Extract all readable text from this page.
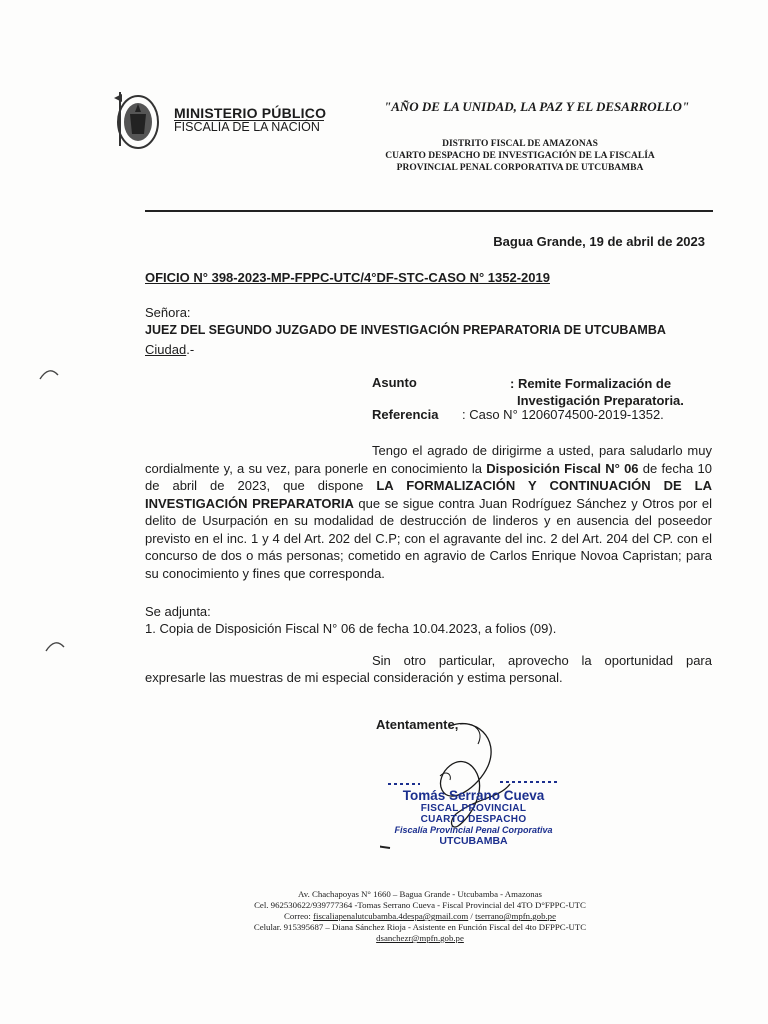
MINISTERIO PÚBLICO
FISCALÍA DE LA NACIÓN
"AÑO DE LA UNIDAD, LA PAZ Y EL DESARROLLO"
DISTRITO FISCAL DE AMAZONAS
CUARTO DESPACHO DE INVESTIGACIÓN DE LA FISCALÍA
PROVINCIAL PENAL CORPORATIVA DE UTCUBAMBA
Bagua Grande, 19 de abril de 2023
OFICIO N° 398-2023-MP-FPPC-UTC/4°DF-STC-CASO N° 1352-2019
Señora:
JUEZ DEL SEGUNDO JUZGADO DE INVESTIGACIÓN PREPARATORIA DE UTCUBAMBA
Ciudad.-
Asunto	: Remite Formalización de
Investigación Preparatoria.
Referencia : Caso N° 1206074500-2019-1352.
Tengo el agrado de dirigirme a usted, para saludarlo muy cordialmente y, a su vez, para ponerle en conocimiento la Disposición Fiscal N° 06 de fecha 10 de abril de 2023, que dispone LA FORMALIZACIÓN Y CONTINUACIÓN DE LA INVESTIGACIÓN PREPARATORIA que se sigue contra Juan Rodríguez Sánchez y Otros por el delito de Usurpación en su modalidad de destrucción de linderos y en ausencia del poseedor previsto en el inc. 1 y 4 del Art. 202 del C.P; con el agravante del inc. 2 del Art. 204 del CP. con el concurso de dos o más personas; cometido en agravio de Carlos Enrique Novoa Capristan; para su conocimiento y fines que corresponda.
Se adjunta:
1. Copia de Disposición Fiscal N° 06 de fecha 10.04.2023, a folios (09).
Sin otro particular, aprovecho la oportunidad para expresarle las muestras de mi especial consideración y estima personal.
Atentamente,
Tomás Serrano Cueva
FISCAL PROVINCIAL
CUARTO DESPACHO
Fiscalía Provincial Penal Corporativa
UTCUBAMBA
Av. Chachapoyas N° 1660 – Bagua Grande - Utcubamba - Amazonas
Cel. 962530622/939777364 -Tomas Serrano Cueva - Fiscal Provincial del 4TO D°FPPC-UTC
Correo: fiscaliapenalutcubamba.4despa@gmail.com / tserrano@mpfn.gob.pe
Celular. 915395687 – Diana Sánchez Rioja - Asistente en Función Fiscal del 4to DFPPC-UTC
dsanchezr@mpfn.gob.pe
